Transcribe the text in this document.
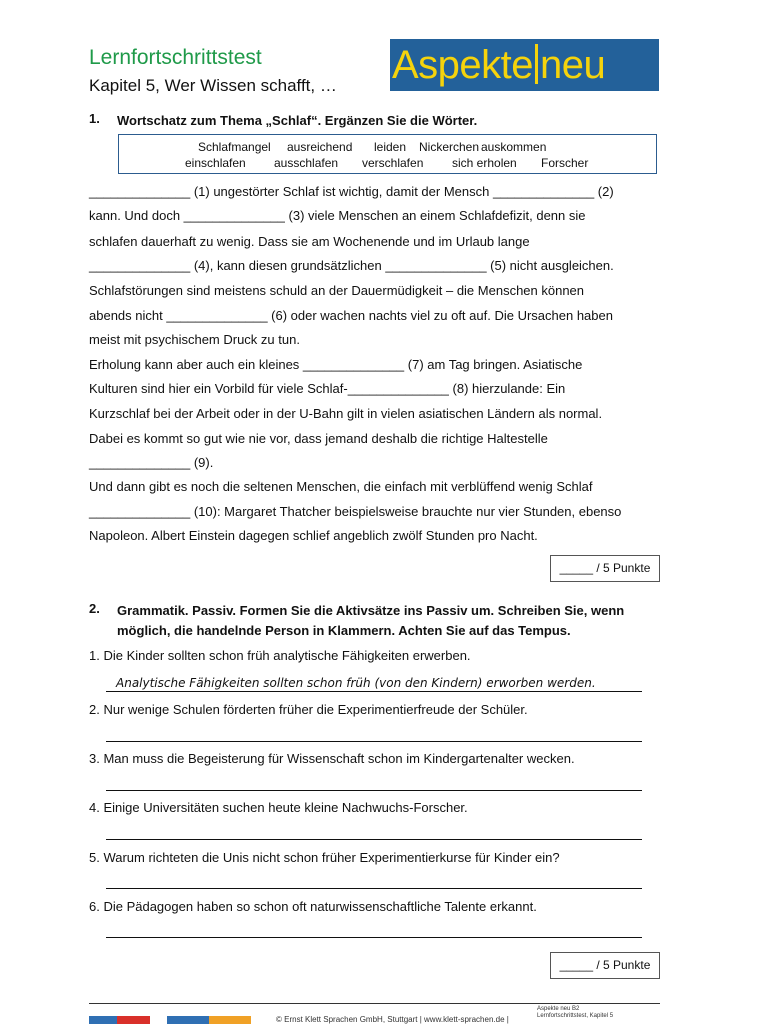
Lernfortschrittstest
Kapitel 5, Wer Wissen schafft, … Aspekte neu
1. Wortschatz zum Thema „Schlaf“. Ergänzen Sie die Wörter.
Schlafmangel ausreichend leiden Nickerchen auskommen
einschlafen ausschlafen verschlafen sich erholen Forscher
______________ (1) ungestörter Schlaf ist wichtig, damit der Mensch ______________ (2)
kann. Und doch ______________ (3) viele Menschen an einem Schlafdefizit, denn sie
schlafen dauerhaft zu wenig. Dass sie am Wochenende und im Urlaub lange
______________ (4), kann diesen grundsätzlichen ______________ (5) nicht ausgleichen.
Schlafstörungen sind meistens schuld an der Dauermüdigkeit – die Menschen können
abends nicht ______________ (6) oder wachen nachts viel zu oft auf. Die Ursachen haben
meist mit psychischem Druck zu tun.
Erholung kann aber auch ein kleines ______________ (7) am Tag bringen. Asiatische
Kulturen sind hier ein Vorbild für viele Schlaf-______________ (8) hierzulande: Ein
Kurzschlaf bei der Arbeit oder in der U-Bahn gilt in vielen asiatischen Ländern als normal.
Dabei es kommt so gut wie nie vor, dass jemand deshalb die richtige Haltestelle
______________ (9).
Und dann gibt es noch die seltenen Menschen, die einfach mit verblüffend wenig Schlaf
______________ (10): Margaret Thatcher beispielsweise brauchte nur vier Stunden, ebenso
Napoleon. Albert Einstein dagegen schlief angeblich zwölf Stunden pro Nacht.
_____ / 5 Punkte
2. Grammatik. Passiv. Formen Sie die Aktivsätze ins Passiv um. Schreiben Sie, wenn möglich, die handelnde Person in Klammern. Achten Sie auf das Tempus.
1. Die Kinder sollten schon früh analytische Fähigkeiten erwerben.
Analytische Fähigkeiten sollten schon früh (von den Kindern) erworben werden.
2. Nur wenige Schulen förderten früher die Experimentierfreude der Schüler.
3. Man muss die Begeisterung für Wissenschaft schon im Kindergartenalter wecken.
4. Einige Universitäten suchen heute kleine Nachwuchs-Forscher.
5. Warum richteten die Unis nicht schon früher Experimentierkurse für Kinder ein?
6. Die Pädagogen haben so schon oft naturwissenschaftliche Talente erkannt.
_____ / 5 Punkte
© Ernst Klett Sprachen GmbH, Stuttgart | www.klett-sprachen.de |
Aspekte neu B2
Lernfortschrittstest, Kapitel 5
